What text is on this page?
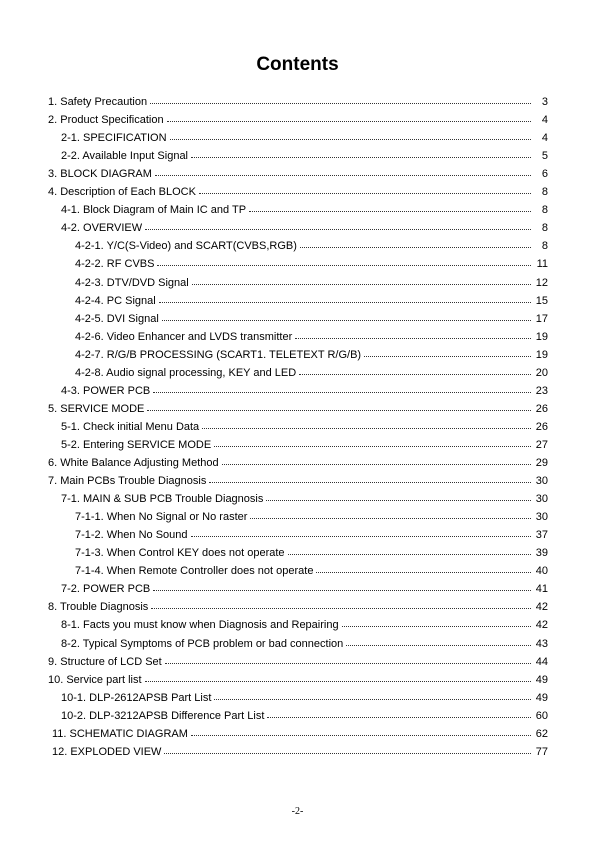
Contents
1. Safety Precaution	3
2. Product Specification	4
2-1. SPECIFICATION	4
2-2. Available Input Signal	5
3. BLOCK DIAGRAM	6
4. Description of Each BLOCK	8
4-1. Block Diagram of Main IC and TP	8
4-2. OVERVIEW	8
4-2-1. Y/C(S-Video) and SCART(CVBS,RGB)	8
4-2-2. RF CVBS	11
4-2-3. DTV/DVD Signal	12
4-2-4. PC Signal	15
4-2-5. DVI Signal	17
4-2-6. Video Enhancer and LVDS transmitter	19
4-2-7. R/G/B PROCESSING (SCART1. TELETEXT R/G/B)	19
4-2-8. Audio signal processing, KEY and LED	20
4-3. POWER PCB	23
5. SERVICE MODE	26
5-1. Check initial Menu Data	26
5-2. Entering SERVICE MODE	27
6. White Balance Adjusting Method	29
7. Main PCBs Trouble Diagnosis	30
7-1. MAIN & SUB PCB Trouble Diagnosis	30
7-1-1. When No Signal or No raster	30
7-1-2. When No Sound	37
7-1-3. When Control KEY does not operate	39
7-1-4. When Remote Controller does not operate	40
7-2. POWER PCB	41
8. Trouble Diagnosis	42
8-1. Facts you must know when Diagnosis and Repairing	42
8-2. Typical Symptoms of PCB problem or bad connection	43
9. Structure of LCD Set	44
10. Service part list	49
10-1. DLP-2612APSB Part List	49
10-2. DLP-3212APSB Difference Part List	60
11. SCHEMATIC DIAGRAM	62
12. EXPLODED VIEW	77
-2-
